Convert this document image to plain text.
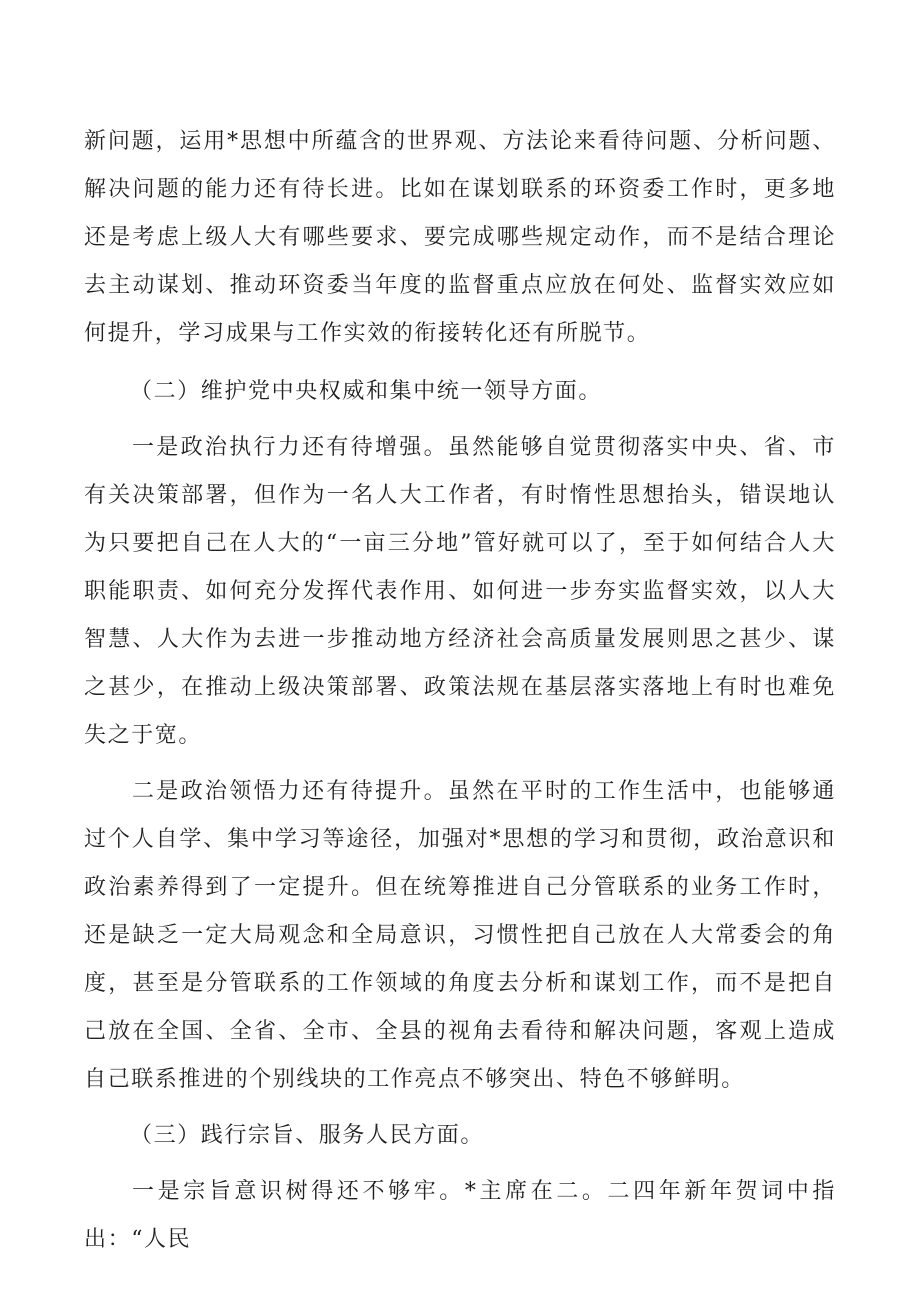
新问题，运用*思想中所蕴含的世界观、方法论来看待问题、分析问题、解决问题的能力还有待长进。比如在谋划联系的环资委工作时，更多地还是考虑上级人大有哪些要求、要完成哪些规定动作，而不是结合理论去主动谋划、推动环资委当年度的监督重点应放在何处、监督实效应如何提升，学习成果与工作实效的衔接转化还有所脱节。

（二）维护党中央权威和集中统一领导方面。

一是政治执行力还有待增强。虽然能够自觉贯彻落实中央、省、市有关决策部署，但作为一名人大工作者，有时惰性思想抬头，错误地认为只要把自己在人大的“一亩三分地”管好就可以了，至于如何结合人大职能职责、如何充分发挥代表作用、如何进一步夯实监督实效，以人大智慧、人大作为去进一步推动地方经济社会高质量发展则思之甚少、谋之甚少，在推动上级决策部署、政策法规在基层落实落地上有时也难免失之于宽。

二是政治领悟力还有待提升。虽然在平时的工作生活中，也能够通过个人自学、集中学习等途径，加强对*思想的学习和贯彻，政治意识和政治素养得到了一定提升。但在统筹推进自己分管联系的业务工作时，还是缺乏一定大局观念和全局意识，习惯性把自己放在人大常委会的角度，甚至是分管联系的工作领域的角度去分析和谋划工作，而不是把自己放在全国、全省、全市、全县的视角去看待和解决问题，客观上造成自己联系推进的个别线块的工作亮点不够突出、特色不够鲜明。

（三）践行宗旨、服务人民方面。

一是宗旨意识树得还不够牢。*主席在二。二四年新年贺词中指出：“人民
